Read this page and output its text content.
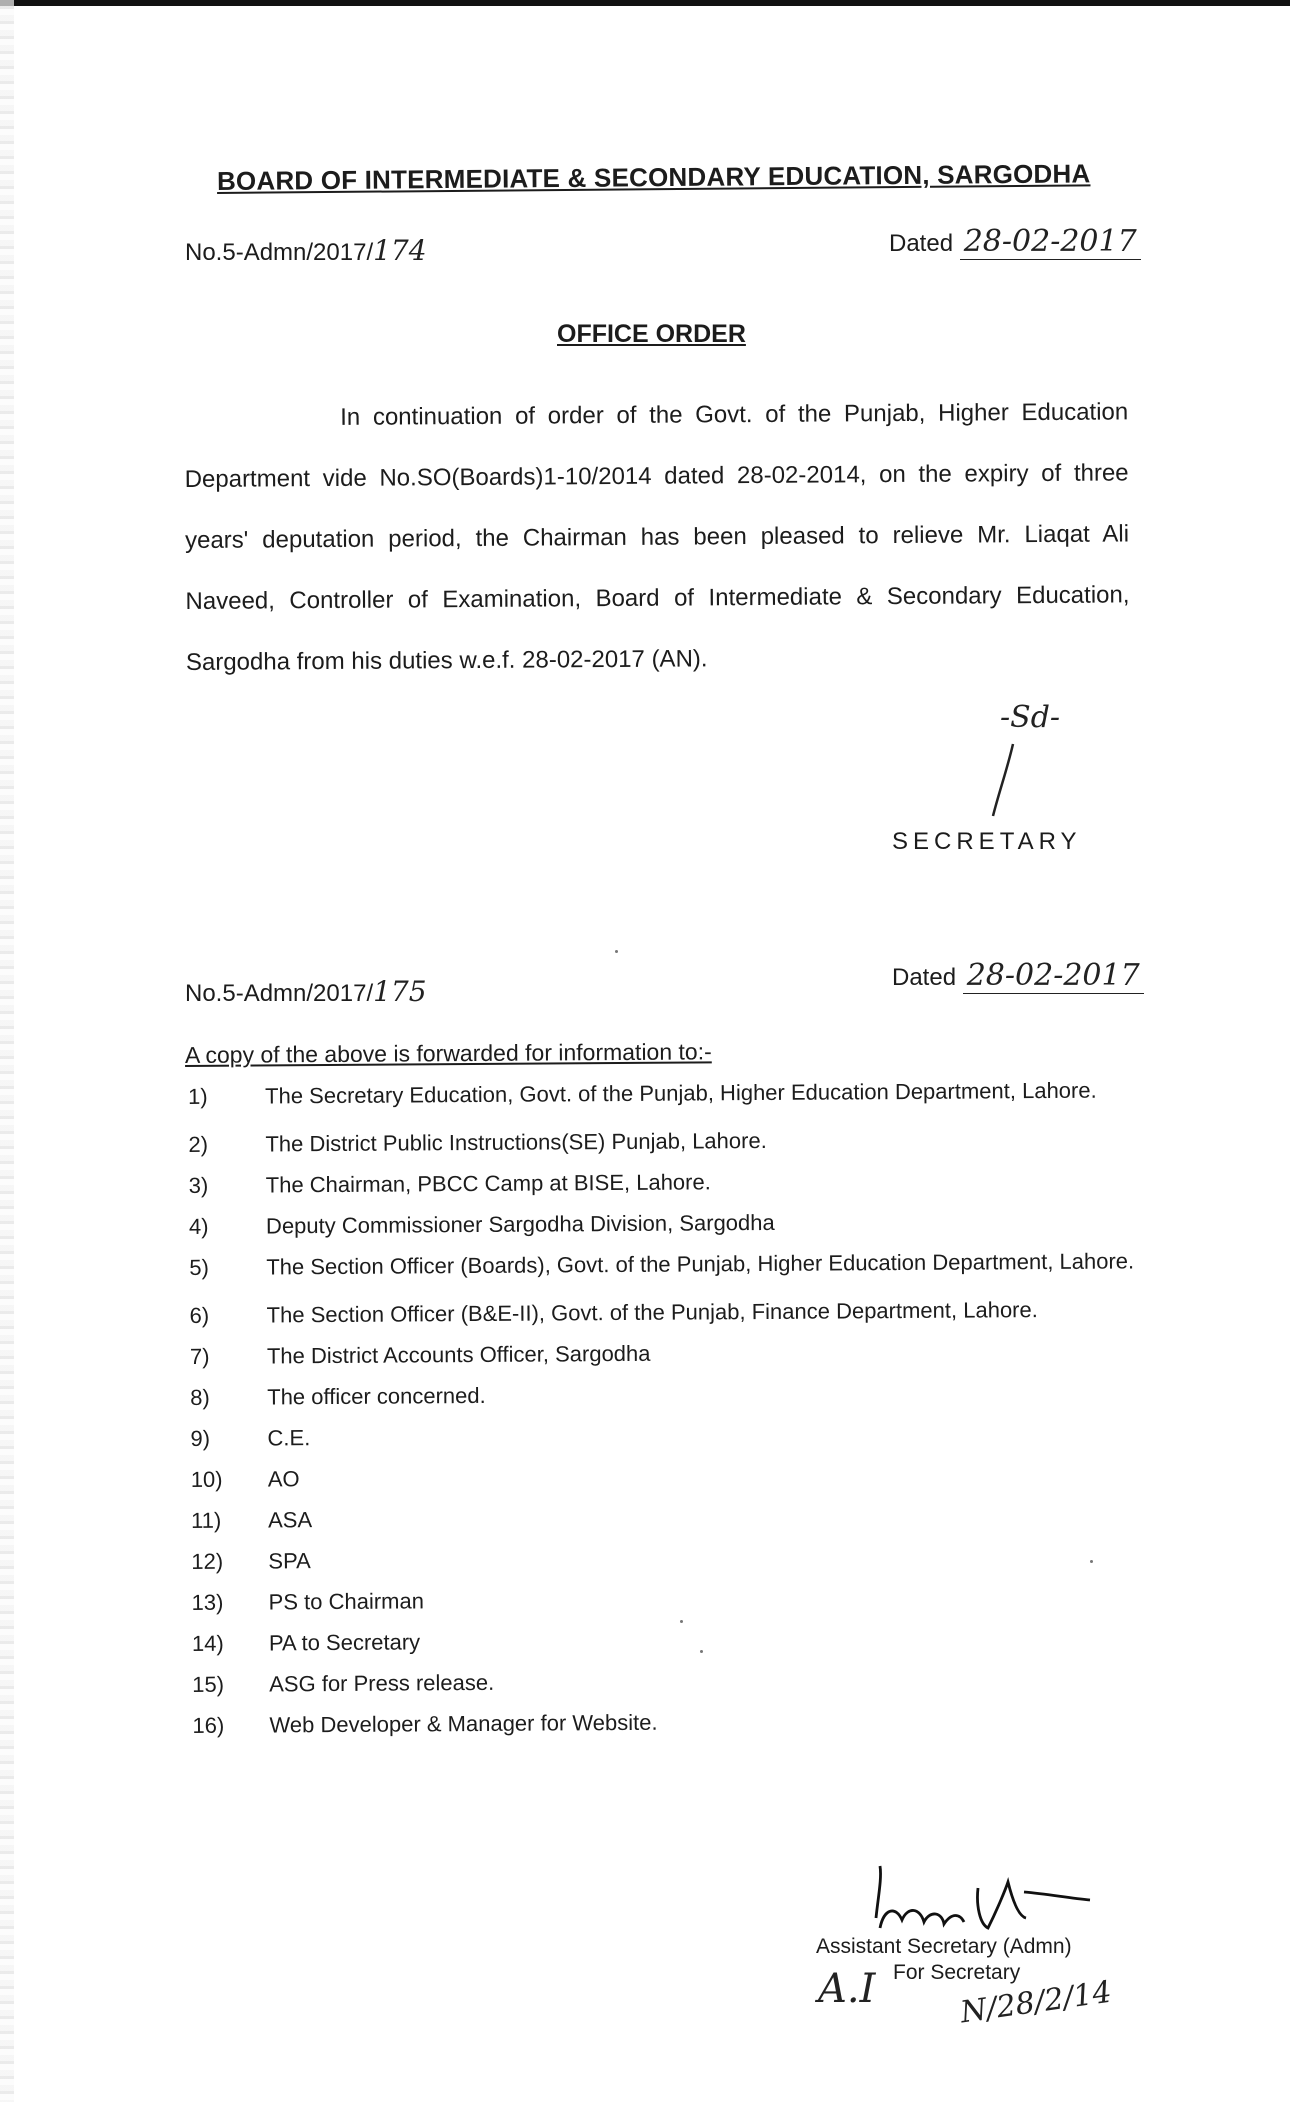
BOARD OF INTERMEDIATE & SECONDARY EDUCATION, SARGODHA
No.5-Admn/2017/174	Dated 28-02-2017
OFFICE ORDER
In continuation of order of the Govt. of the Punjab, Higher Education Department vide No.SO(Boards)1-10/2014 dated 28-02-2014, on the expiry of three years' deputation period, the Chairman has been pleased to relieve Mr. Liaqat Ali Naveed, Controller of Examination, Board of Intermediate & Secondary Education, Sargodha from his duties w.e.f. 28-02-2017 (AN).
-Sd-
SECRETARY
No.5-Admn/2017/175	Dated 28-02-2017
A copy of the above is forwarded for information to:-
1)	The Secretary Education, Govt. of the Punjab, Higher Education Department, Lahore.
2)	The District Public Instructions(SE) Punjab, Lahore.
3)	The Chairman, PBCC Camp at BISE, Lahore.
4)	Deputy Commissioner Sargodha Division, Sargodha
5)	The Section Officer (Boards), Govt. of the Punjab, Higher Education Department, Lahore.
6)	The Section Officer (B&E-II), Govt. of the Punjab, Finance Department, Lahore.
7)	The District Accounts Officer, Sargodha
8)	The officer concerned.
9)	C.E.
10)	AO
11)	ASA
12)	SPA
13)	PS to Chairman
14)	PA to Secretary
15)	ASG for Press release.
16)	Web Developer & Manager for Website.
Assistant Secretary (Admn)
For Secretary
A.I	N/28/2/14
